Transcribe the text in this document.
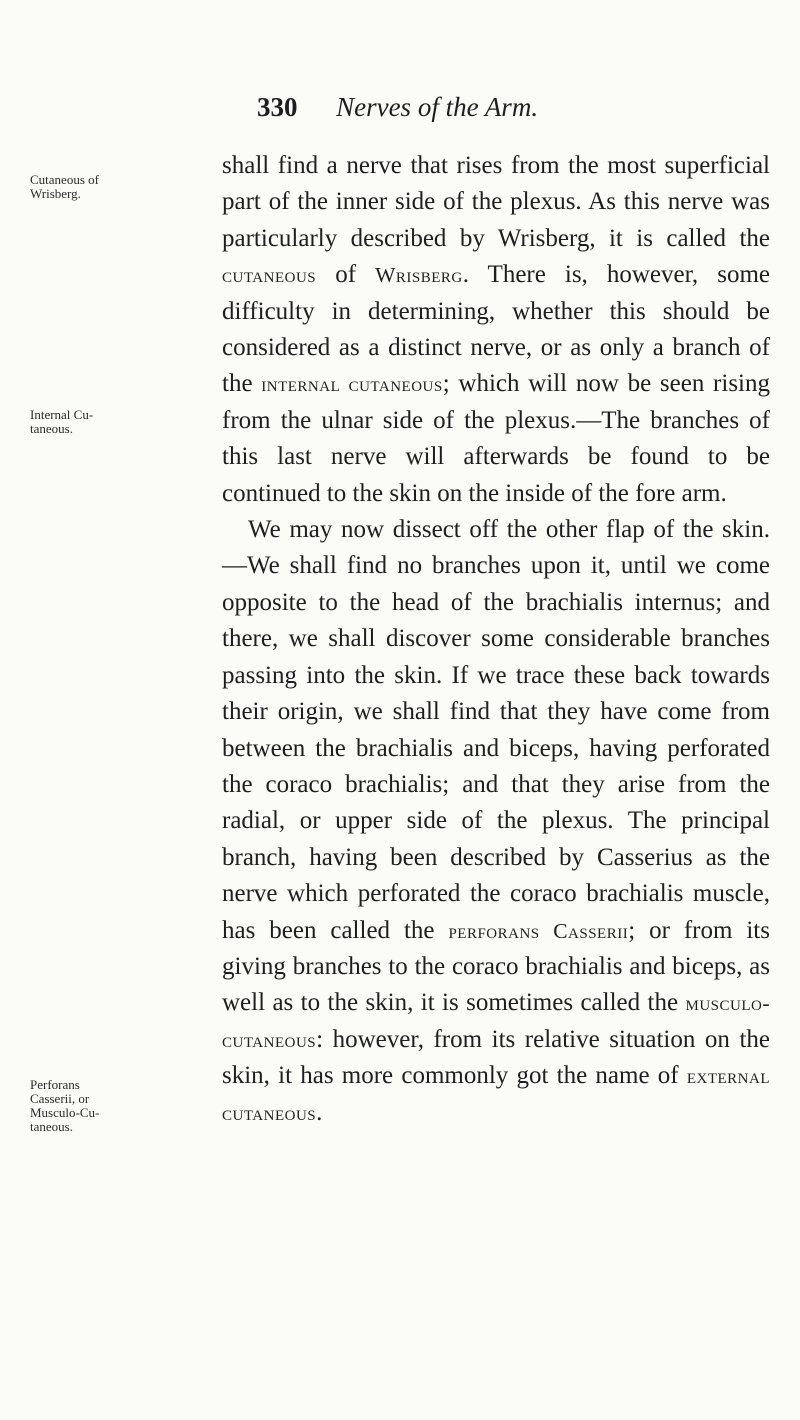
330 Nerves of the Arm.
Cutaneous of
Wrisberg.
Internal Cu-
taneous.
Perforans
Casserii, or
Musculo-Cu-
taneous.

shall find a nerve that rises from the most superficial part of the inner side of the plexus. As this nerve was particularly described by Wrisberg, it is called the cutaneous of Wrisberg. There is, however, some difficulty in determining, whether this should be considered as a distinct nerve, or as only a branch of the internal cutaneous; which will now be seen rising from the ulnar side of the plexus.—The branches of this last nerve will afterwards be found to be continued to the skin on the inside of the fore arm.

We may now dissect off the other flap of the skin.—We shall find no branches upon it, until we come opposite to the head of the brachialis internus; and there, we shall discover some considerable branches passing into the skin. If we trace these back towards their origin, we shall find that they have come from between the brachialis and biceps, having perforated the coraco brachialis; and that they arise from the radial, or upper side of the plexus. The principal branch, having been described by Casserius as the nerve which perforated the coraco brachialis muscle, has been called the perforans Casserii; or from its giving branches to the coraco brachialis and biceps, as well as to the skin, it is sometimes called the musculo-cutaneous: however, from its relative situation on the skin, it has more commonly got the name of external cutaneous.
